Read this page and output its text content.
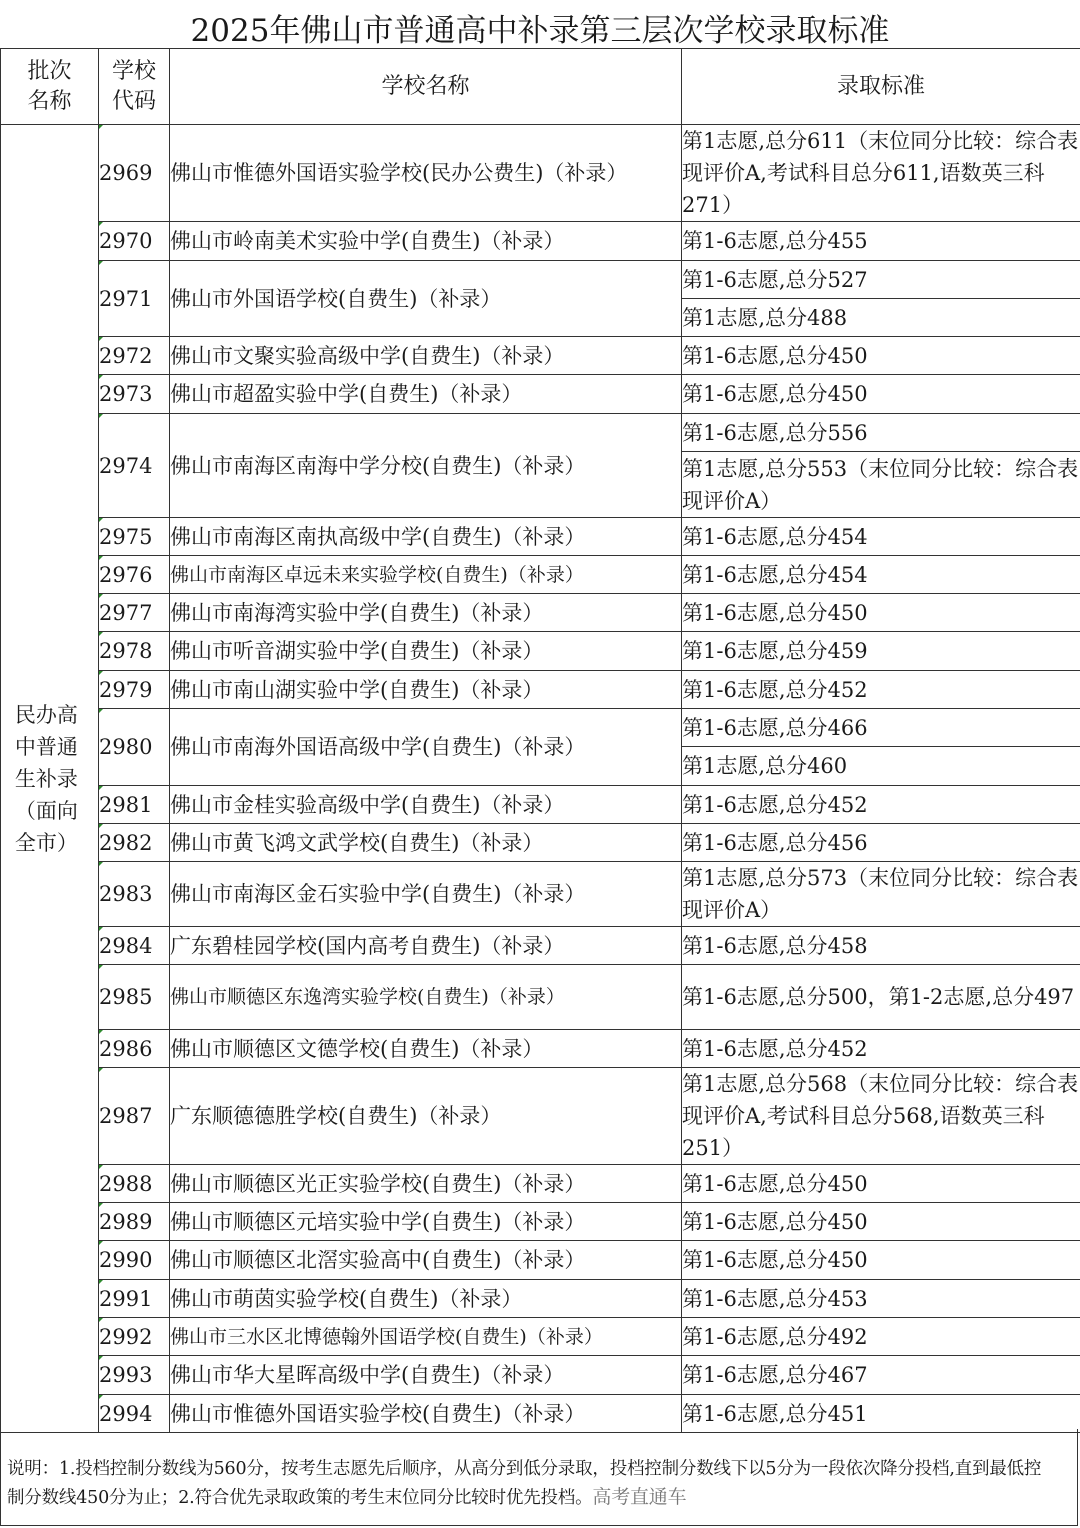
2025年佛山市普通高中补录第三层次学校录取标准
批次名称	学校代码	学校名称	录取标准

民办高中普通生补录（面向全市）	2969	佛山市惟德外国语实验学校(民办公费生)（补录）	第1志愿,总分611（末位同分比较：综合表现评价A,考试科目总分611,语数英三科271）
	2970	佛山市岭南美术实验中学(自费生)（补录）	第1-6志愿,总分455
	2971	佛山市外国语学校(自费生)（补录）	第1-6志愿,总分527
			第1志愿,总分488
	2972	佛山市文聚实验高级中学(自费生)（补录）	第1-6志愿,总分450
	2973	佛山市超盈实验中学(自费生)（补录）	第1-6志愿,总分450
	2974	佛山市南海区南海中学分校(自费生)（补录）	第1-6志愿,总分556
			第1志愿,总分553（末位同分比较：综合表现评价A）
	2975	佛山市南海区南执高级中学(自费生)（补录）	第1-6志愿,总分454
	2976	佛山市南海区卓远未来实验学校(自费生)（补录）	第1-6志愿,总分454
	2977	佛山市南海湾实验中学(自费生)（补录）	第1-6志愿,总分450
	2978	佛山市听音湖实验中学(自费生)（补录）	第1-6志愿,总分459
	2979	佛山市南山湖实验中学(自费生)（补录）	第1-6志愿,总分452
	2980	佛山市南海外国语高级中学(自费生)（补录）	第1-6志愿,总分466
			第1志愿,总分460
	2981	佛山市金桂实验高级中学(自费生)（补录）	第1-6志愿,总分452
	2982	佛山市黄飞鸿文武学校(自费生)（补录）	第1-6志愿,总分456
	2983	佛山市南海区金石实验中学(自费生)（补录）	第1志愿,总分573（末位同分比较：综合表现评价A）
	2984	广东碧桂园学校(国内高考自费生)（补录）	第1-6志愿,总分458
	2985	佛山市顺德区东逸湾实验学校(自费生)（补录）	第1-6志愿,总分500，第1-2志愿,总分497
	2986	佛山市顺德区文德学校(自费生)（补录）	第1-6志愿,总分452
	2987	广东顺德德胜学校(自费生)（补录）	第1志愿,总分568（末位同分比较：综合表现评价A,考试科目总分568,语数英三科251）
	2988	佛山市顺德区光正实验学校(自费生)（补录）	第1-6志愿,总分450
	2989	佛山市顺德区元培实验中学(自费生)（补录）	第1-6志愿,总分450
	2990	佛山市顺德区北滘实验高中(自费生)（补录）	第1-6志愿,总分450
	2991	佛山市萌茵实验学校(自费生)（补录）	第1-6志愿,总分453
	2992	佛山市三水区北博德翰外国语学校(自费生)（补录）	第1-6志愿,总分492
	2993	佛山市华大星晖高级中学(自费生)（补录）	第1-6志愿,总分467
	2994	佛山市惟德外国语实验学校(自费生)（补录）	第1-6志愿,总分451
说明：1.投档控制分数线为560分，按考生志愿先后顺序，从高分到低分录取，投档控制分数线下以5分为一段依次降分投档,直到最低控制分数线450分为止；2.符合优先录取政策的考生末位同分比较时优先投档。高考直通车
